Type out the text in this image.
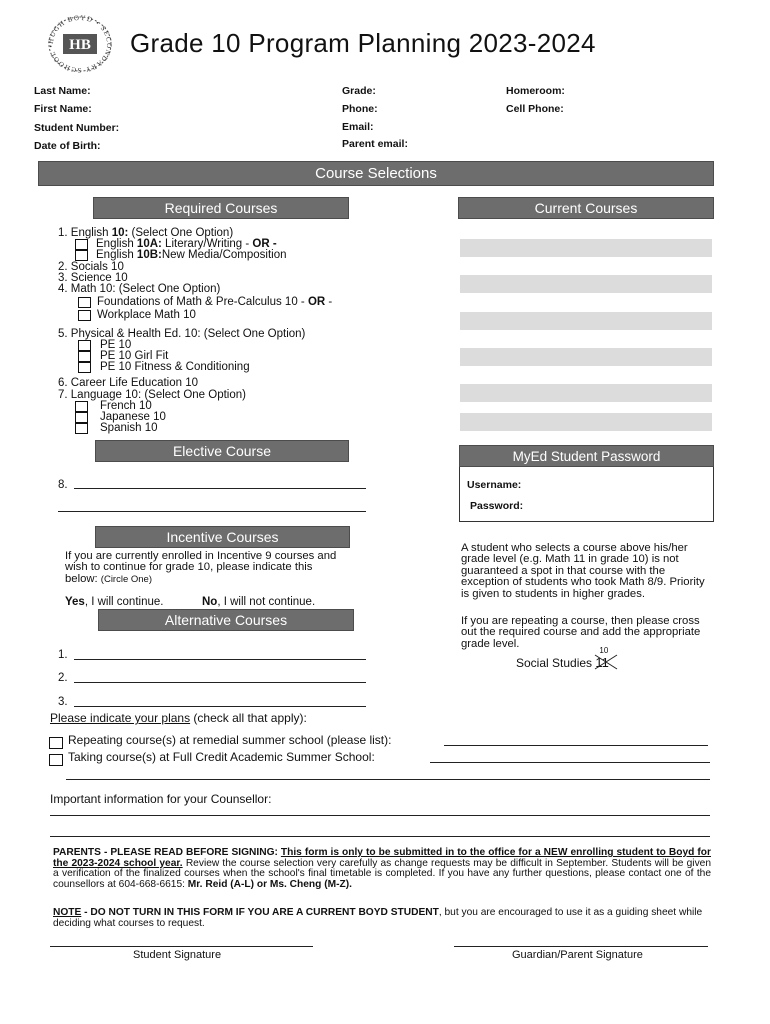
HUGH BOYD • SECONDARY SCHOOL • HB Grade 10 Program Planning 2023-2024
Last Name:
First Name:
Student Number:
Date of Birth:
Grade:
Phone:
Email:
Parent email:
Homeroom:
Cell Phone:
Course Selections
Required Courses	Current Courses
1. English 10: (Select One Option)
English 10A: Literary/Writing - OR -
English 10B:New Media/Composition
2. Socials 10
3. Science 10
4. Math 10: (Select One Option)
Foundations of Math & Pre-Calculus 10 - OR -
Workplace Math 10
5. Physical & Health Ed. 10: (Select One Option)
PE 10
PE 10 Girl Fit
PE 10 Fitness & Conditioning
6. Career Life Education 10
7. Language 10: (Select One Option)
French 10
Japanese 10
Spanish 10
Elective Course
8.
MyEd Student Password
Username:
Password:
Incentive Courses
If you are currently enrolled in Incentive 9 courses and wish to continue for grade 10, please indicate this below: (Circle One)
Yes, I will continue.	No, I will not continue.
Alternative Courses
1.
2.
3.
A student who selects a course above his/her grade level (e.g. Math 11 in grade 10) is not guaranteed a spot in that course with the exception of students who took Math 8/9. Priority is given to students in higher grades.
If you are repeating a course, then please cross out the required course and add the appropriate grade level.
Social Studies
10
11
Please indicate your plans (check all that apply):
Repeating course(s) at remedial summer school (please list):
Taking course(s) at Full Credit Academic Summer School:
Important information for your Counsellor:
PARENTS - PLEASE READ BEFORE SIGNING: This form is only to be submitted in to the office for a NEW enrolling student to Boyd for the 2023-2024 school year. Review the course selection very carefully as change requests may be difficult in September. Students will be given a verification of the finalized courses when the school's final timetable is completed. If you have any further questions, please contact one of the counsellors at 604-668-6615: Mr. Reid (A-L) or Ms. Cheng (M-Z).
NOTE - DO NOT TURN IN THIS FORM IF YOU ARE A CURRENT BOYD STUDENT, but you are encouraged to use it as a guiding sheet while deciding what courses to request.
Student Signature	Guardian/Parent Signature
